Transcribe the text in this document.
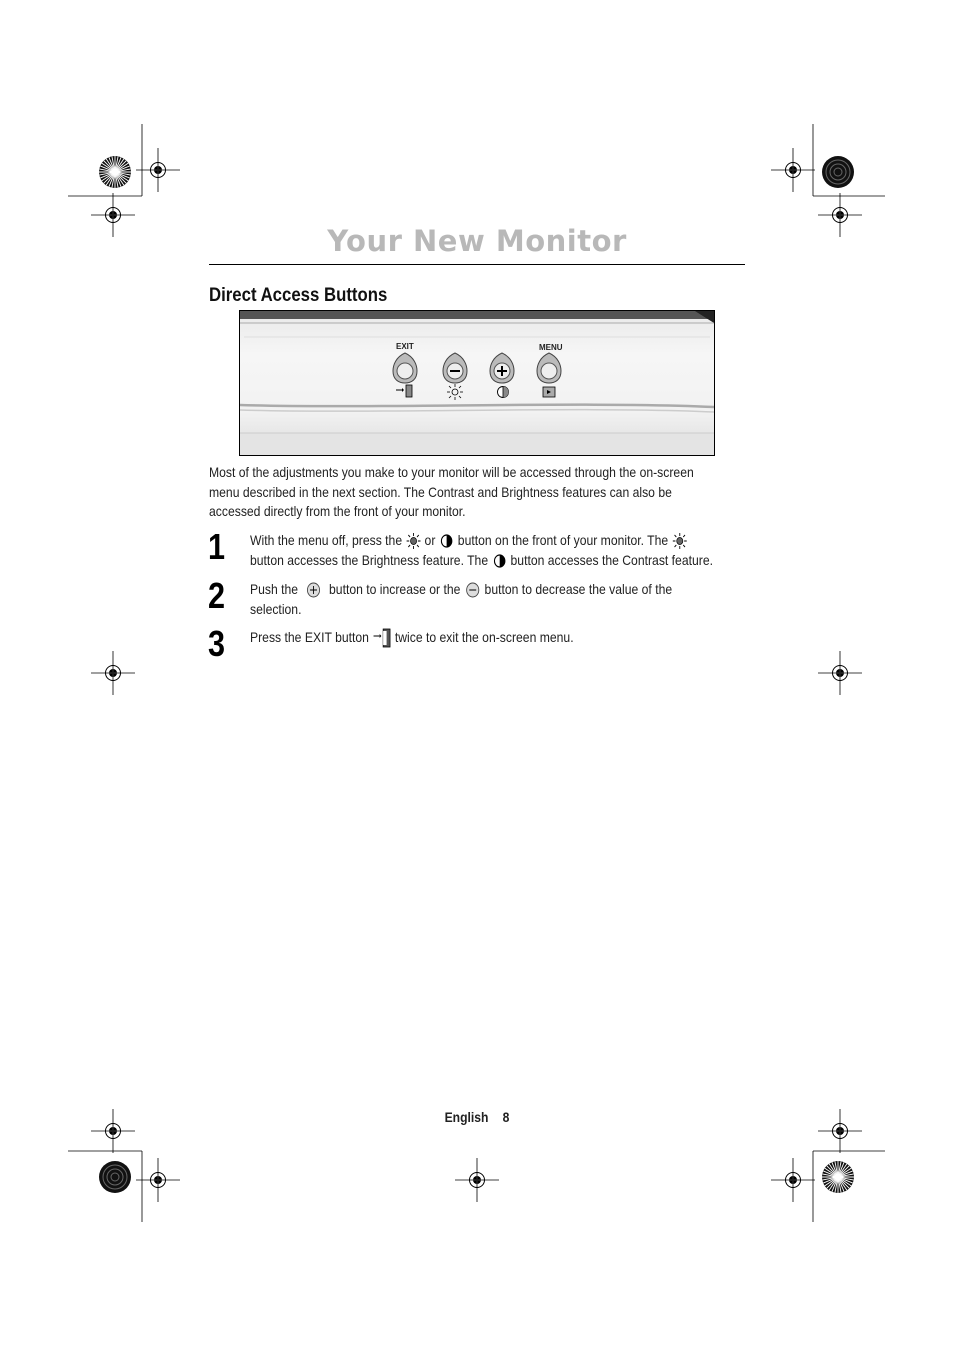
Your New Monitor
Direct Access Buttons
EXIT	MENU
Most of the adjustments you make to your monitor will be accessed through the on-screen
menu described in the next section. The Contrast and Brightness features can also be
accessed directly from the front of your monitor.
1 With the menu off, press the or button on the front of your monitor. The
button accesses the Brightness feature. The button accesses the Contrast feature.
2 Push the button to increase or the button to decrease the value of the
selection.
3 Press the EXIT button twice to exit the on-screen menu.
English 8
